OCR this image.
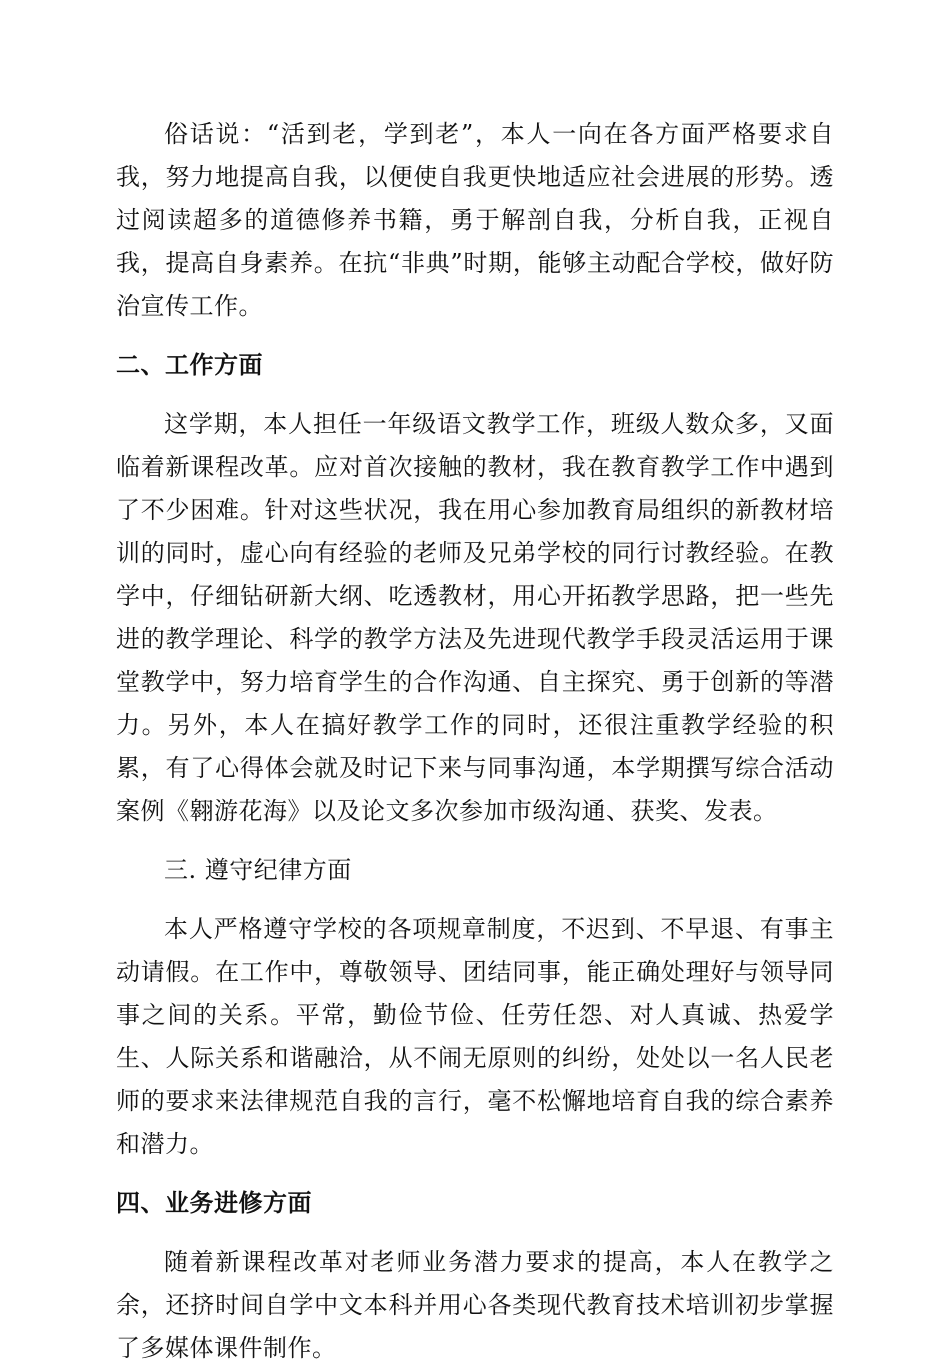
俗话说：“活到老，学到老”，本人一向在各方面严格要求自我，努力地提高自我，以便使自我更快地适应社会进展的形势。透过阅读超多的道德修养书籍，勇于解剖自我，分析自我，正视自我，提高自身素养。在抗“非典”时期，能够主动配合学校，做好防治宣传工作。

二、工作方面

这学期，本人担任一年级语文教学工作，班级人数众多，又面临着新课程改革。应对首次接触的教材，我在教育教学工作中遇到了不少困难。针对这些状况，我在用心参加教育局组织的新教材培训的同时，虚心向有经验的老师及兄弟学校的同行讨教经验。在教学中，仔细钻研新大纲、吃透教材，用心开拓教学思路，把一些先进的教学理论、科学的教学方法及先进现代教学手段灵活运用于课堂教学中，努力培育学生的合作沟通、自主探究、勇于创新的等潜力。另外，本人在搞好教学工作的同时，还很注重教学经验的积累，有了心得体会就及时记下来与同事沟通，本学期撰写综合活动案例《翱游花海》以及论文多次参加市级沟通、获奖、发表。

三. 遵守纪律方面

本人严格遵守学校的各项规章制度，不迟到、不早退、有事主动请假。在工作中，尊敬领导、团结同事，能正确处理好与领导同事之间的关系。平常，勤俭节俭、任劳任怨、对人真诚、热爱学生、人际关系和谐融洽，从不闹无原则的纠纷，处处以一名人民老师的要求来法律规范自我的言行，毫不松懈地培育自我的综合素养和潜力。

四、业务进修方面

随着新课程改革对老师业务潜力要求的提高，本人在教学之余，还挤时间自学中文本科并用心各类现代教育技术培训初步掌握了多媒体课件制作。
